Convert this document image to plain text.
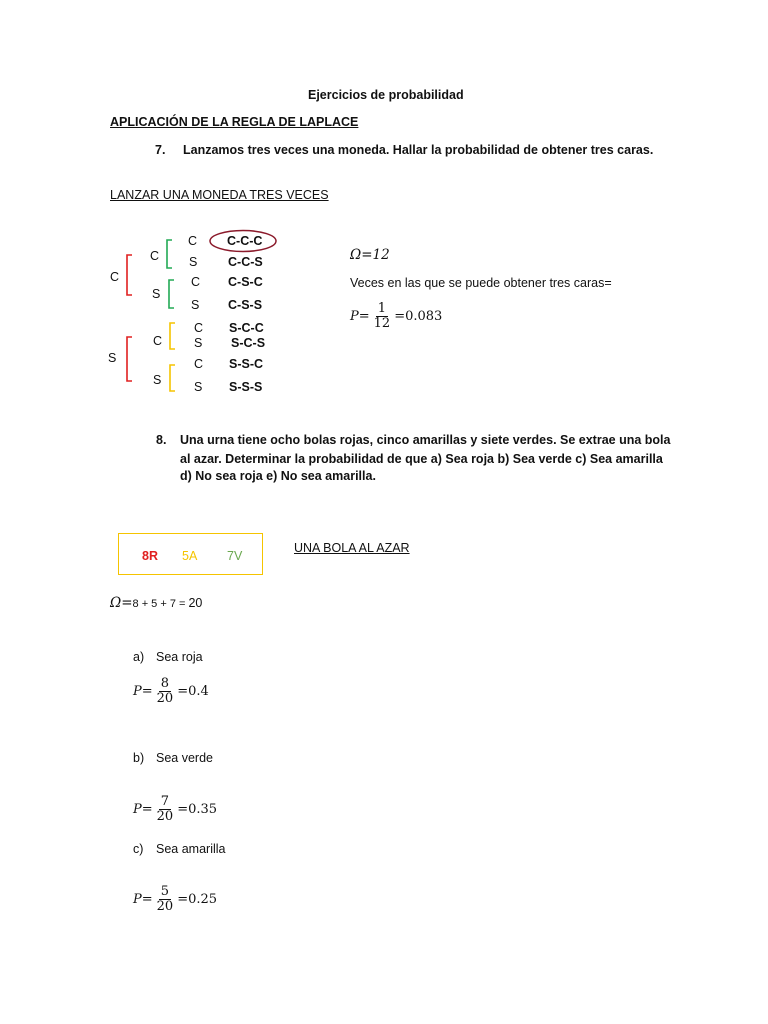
Ejercicios de probabilidad
APLICACIÓN DE LA REGLA DE LAPLACE
7. Lanzamos tres veces una moneda. Hallar la probabilidad de obtener tres caras.
LANZAR UNA MONEDA TRES VECES
C
S
C
S
C
S
C
S
C
S
C
S
C
S
C-C-C
C-C-S
C-S-C
C-S-S
S-C-C
S-C-S
S-S-C
S-S-S
Ω=12
Veces en las que se puede obtener tres caras=
$P= \frac{1}{12} =0.083$
8. Una urna tiene ocho bolas rojas, cinco amarillas y siete verdes. Se extrae una bola
al azar. Determinar la probabilidad de que a) Sea roja b) Sea verde c) Sea amarilla
d) No sea roja e) No sea amarilla.
8R 5A 7V
UNA BOLA AL AZAR
Ω=8 + 5 + 7 = 20
a) Sea roja
$P= \frac{8}{20} =0.4$
b) Sea verde
$P= \frac{7}{20} =0.35$
c) Sea amarilla
$P= \frac{5}{20} =0.25$
